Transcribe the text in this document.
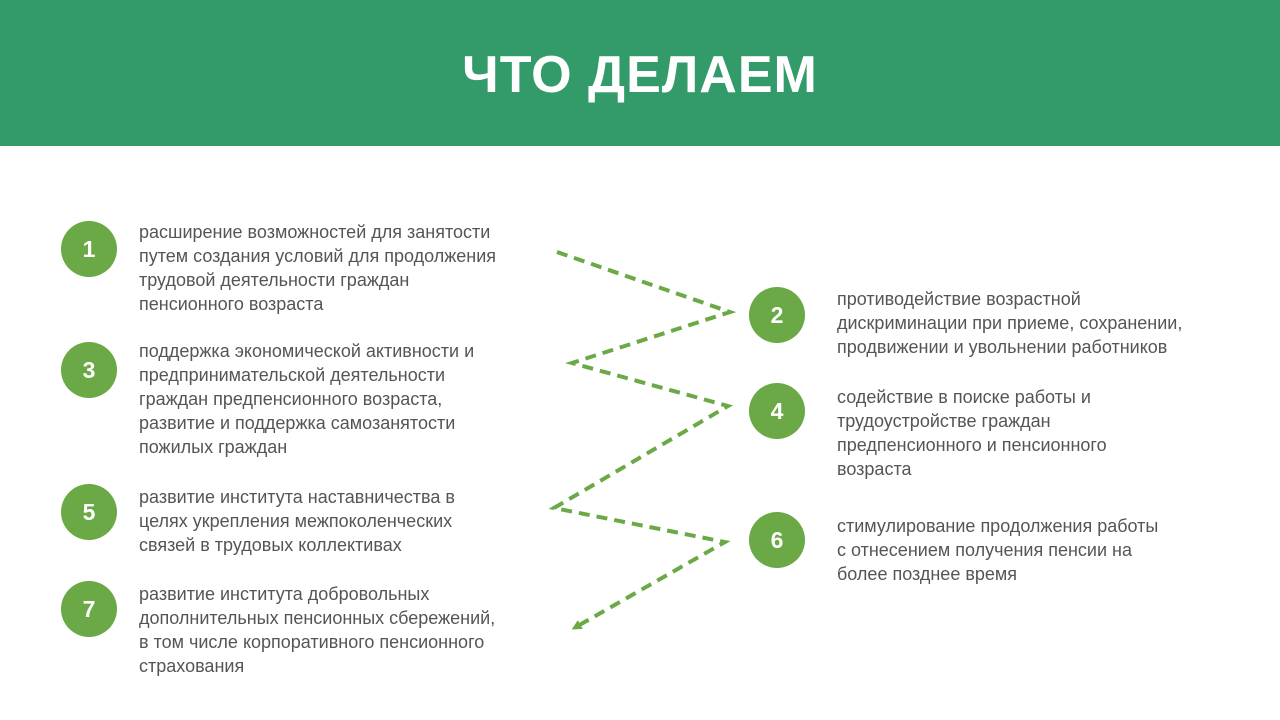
ЧТО ДЕЛАЕМ
1
расширение возможностей для занятости
путем создания условий для продолжения
трудовой деятельности граждан
пенсионного возраста
3
поддержка экономической активности и
предпринимательской деятельности
граждан предпенсионного возраста,
развитие и поддержка самозанятости
пожилых граждан
5
развитие института наставничества в
целях укрепления межпоколенческих
связей в трудовых коллективах
7
развитие института добровольных
дополнительных пенсионных сбережений,
в том числе корпоративного пенсионного
страхования
2
противодействие возрастной
дискриминации при приеме, сохранении,
продвижении и увольнении работников
4
содействие в поиске работы и
трудоустройстве граждан
предпенсионного и пенсионного
возраста
6
стимулирование продолжения работы
с отнесением получения пенсии на
более позднее время
